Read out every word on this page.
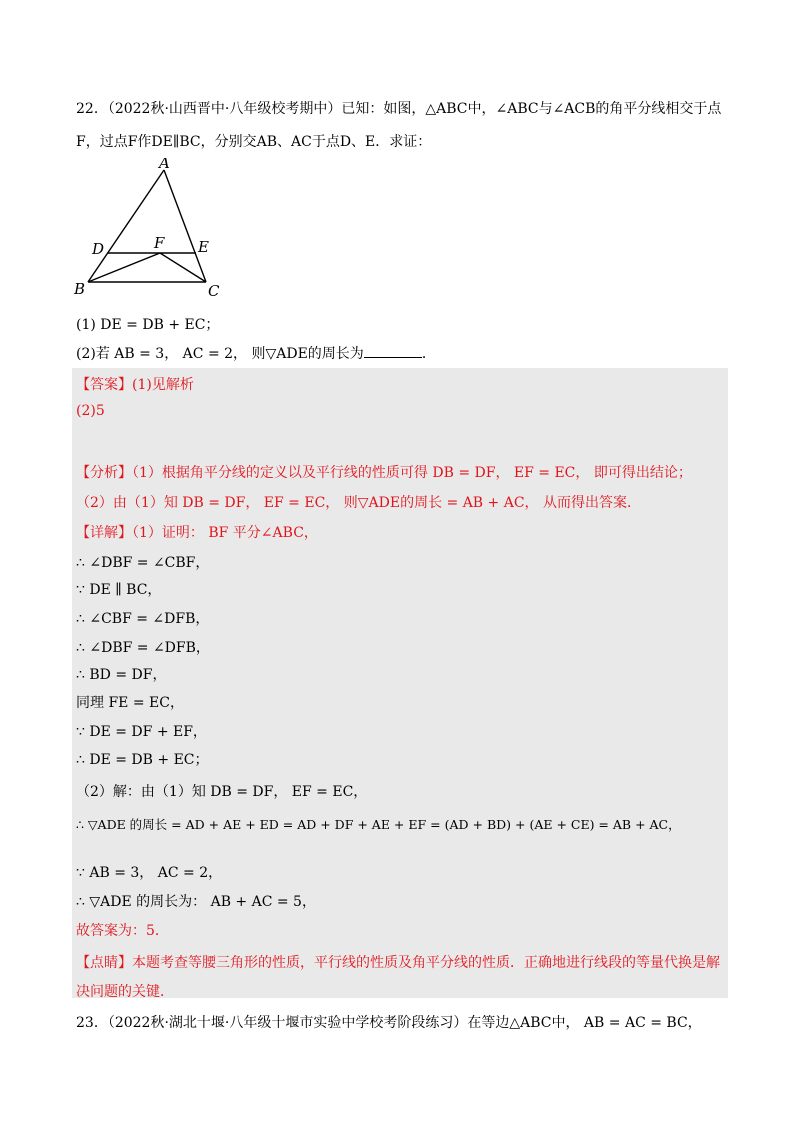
22．（2022秋·山西晋中·八年级校考期中）已知：如图，△ABC中，∠ABC与∠ACB的角平分线相交于点
F，过点F作DE∥BC，分别交AB、AC于点D、E．求证：
A
B	C
D	E
F
(1) DE = DB + EC；
(2)若 AB = 3， AC = 2， 则▽ADE的周长为	．
【答案】(1)见解析
(2)5
【分析】（1）根据角平分线的定义以及平行线的性质可得 DB = DF， EF = EC， 即可得出结论；
（2）由（1）知 DB = DF， EF = EC， 则▽ADE的周长 = AB + AC， 从而得出答案．
【详解】（1）证明： BF 平分∠ABC，
∴ ∠DBF = ∠CBF，
∵ DE ∥ BC，
∴ ∠CBF = ∠DFB，
∴ ∠DBF = ∠DFB，
∴ BD = DF，
同理 FE = EC，
∵ DE = DF + EF，
∴ DE = DB + EC；
（2）解：由（1）知 DB = DF， EF = EC，
∴ ▽ADE 的周长 = AD + AE + ED = AD + DF + AE + EF = (AD + BD) + (AE + CE) = AB + AC，
∵ AB = 3， AC = 2，
∴ ▽ADE 的周长为： AB + AC = 5，
故答案为：5．
【点睛】本题考查等腰三角形的性质，平行线的性质及角平分线的性质．正确地进行线段的等量代换是解
决问题的关键．
23．（2022秋·湖北十堰·八年级十堰市实验中学校考阶段练习）在等边△ABC中， AB = AC = BC，
